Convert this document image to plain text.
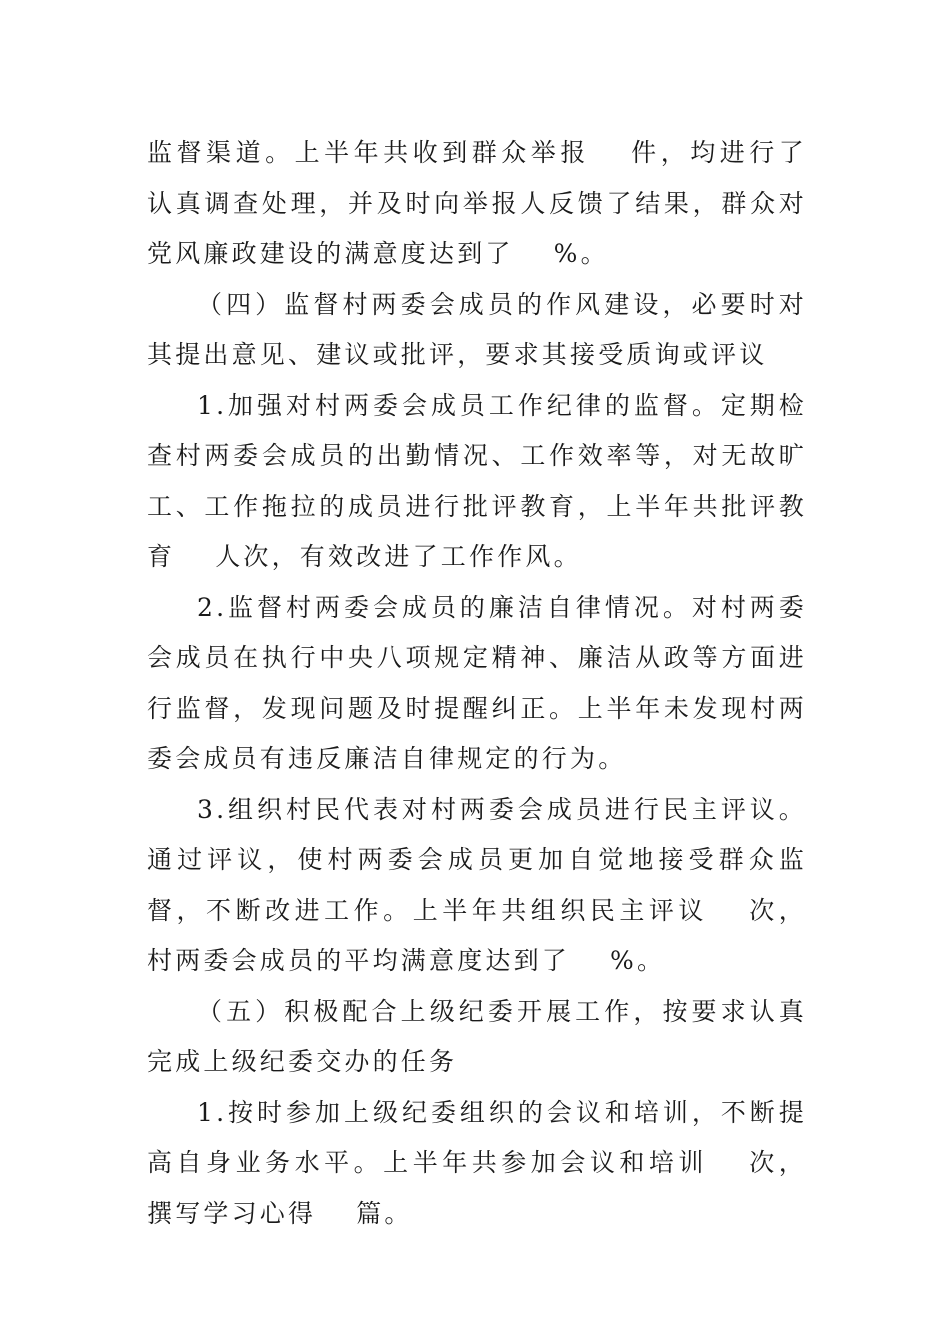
监督渠道。上半年共收到群众举报 件，均进行了认真调查处理，并及时向举报人反馈了结果，群众对党风廉政建设的满意度达到了 %。

（四）监督村两委会成员的作风建设，必要时对其提出意见、建议或批评，要求其接受质询或评议

1.加强对村两委会成员工作纪律的监督。定期检查村两委会成员的出勤情况、工作效率等，对无故旷工、工作拖拉的成员进行批评教育，上半年共批评教育 人次，有效改进了工作作风。

2.监督村两委会成员的廉洁自律情况。对村两委会成员在执行中央八项规定精神、廉洁从政等方面进行监督，发现问题及时提醒纠正。上半年未发现村两委会成员有违反廉洁自律规定的行为。

3.组织村民代表对村两委会成员进行民主评议。通过评议，使村两委会成员更加自觉地接受群众监督，不断改进工作。上半年共组织民主评议 次，村两委会成员的平均满意度达到了 %。

（五）积极配合上级纪委开展工作，按要求认真完成上级纪委交办的任务

1.按时参加上级纪委组织的会议和培训，不断提高自身业务水平。上半年共参加会议和培训 次，撰写学习心得 篇。
